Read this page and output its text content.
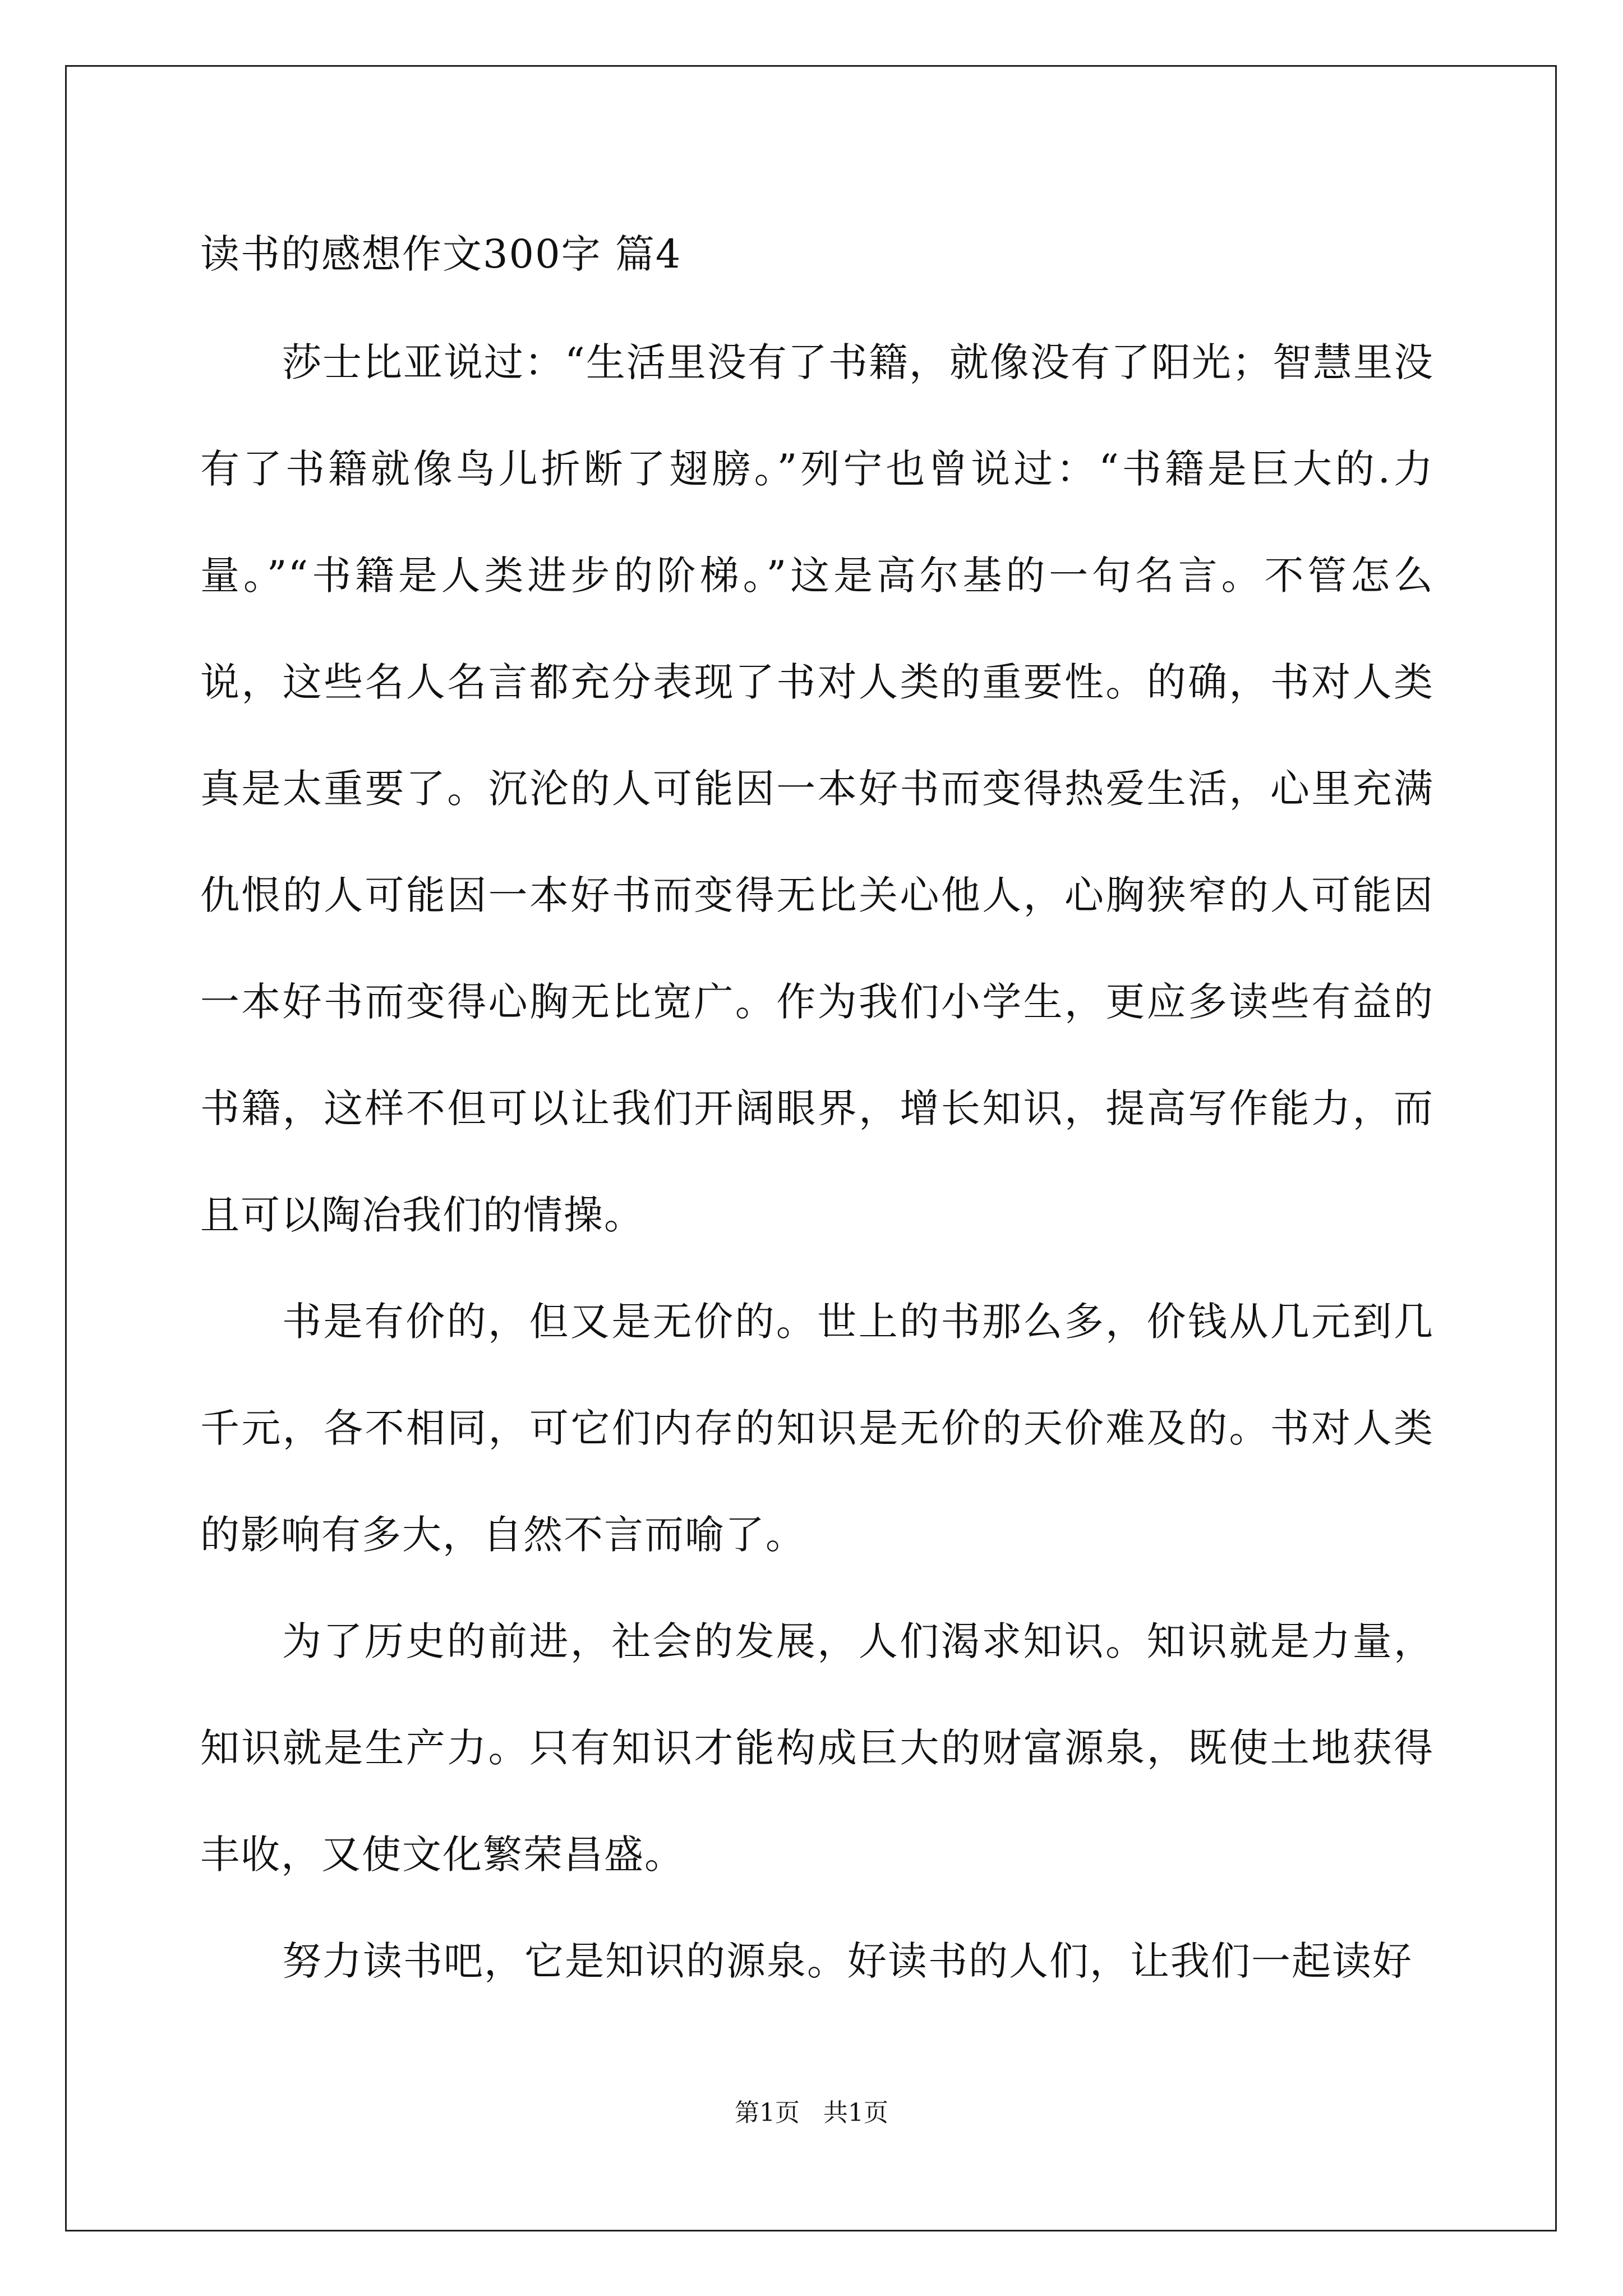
读书的感想作文300字 篇4

莎士比亚说过：“生活里没有了书籍，就像没有了阳光；智慧里没有了书籍就像鸟儿折断了翅膀。”列宁也曾说过：“书籍是巨大的.力量。”“书籍是人类进步的阶梯。”这是高尔基的一句名言。不管怎么说，这些名人名言都充分表现了书对人类的重要性。的确，书对人类真是太重要了。沉沦的人可能因一本好书而变得热爱生活，心里充满仇恨的人可能因一本好书而变得无比关心他人，心胸狭窄的人可能因一本好书而变得心胸无比宽广。作为我们小学生，更应多读些有益的书籍，这样不但可以让我们开阔眼界，增长知识，提高写作能力，而且可以陶冶我们的情操。

书是有价的，但又是无价的。世上的书那么多，价钱从几元到几千元，各不相同，可它们内存的知识是无价的天价难及的。书对人类的影响有多大，自然不言而喻了。

为了历史的前进，社会的发展，人们渴求知识。知识就是力量，知识就是生产力。只有知识才能构成巨大的财富源泉，既使土地获得丰收，又使文化繁荣昌盛。

努力读书吧，它是知识的源泉。好读书的人们，让我们一起读好

第1页   共1页
